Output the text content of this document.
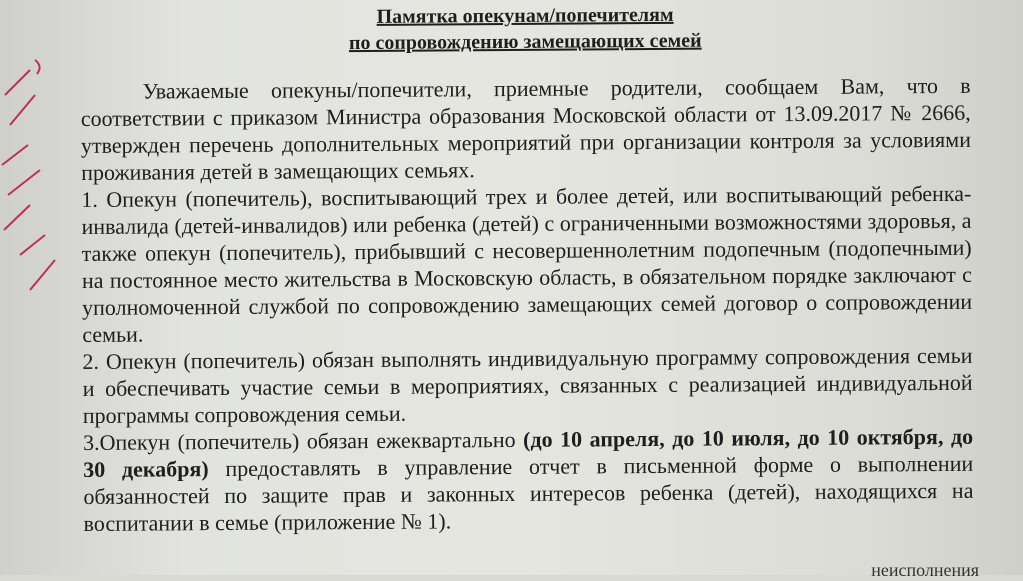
Памятка опекунам/попечителям

по сопровождению замещающих семей

Уважаемые опекуны/попечители, приемные родители, сообщаем Вам, что в соответствии с приказом Министра образования Московской области от 13.09.2017 № 2666, утвержден перечень дополнительных мероприятий при организации контроля за условиями проживания детей в замещающих семьях.

1. Опекун (попечитель), воспитывающий трех и более детей, или воспитывающий ребенка-инвалида (детей-инвалидов) или ребенка (детей) с ограниченными возможностями здоровья, а также опекун (попечитель), прибывший с несовершеннолетним подопечным (подопечными) на постоянное место жительства в Московскую область, в обязательном порядке заключают с уполномоченной службой по сопровождению замещающих семей договор о сопровождении семьи.

2. Опекун (попечитель) обязан выполнять индивидуальную программу сопровождения семьи и обеспечивать участие семьи в мероприятиях, связанных с реализацией индивидуальной программы сопровождения семьи.

3.Опекун (попечитель) обязан ежеквартально (до 10 апреля, до 10 июля, до 10 октября, до 30 декабря) предоставлять в управление отчет в письменной форме о выполнении обязанностей по защите прав и законных интересов ребенка (детей), находящихся на воспитании в семье (приложение № 1).

неисполнения
